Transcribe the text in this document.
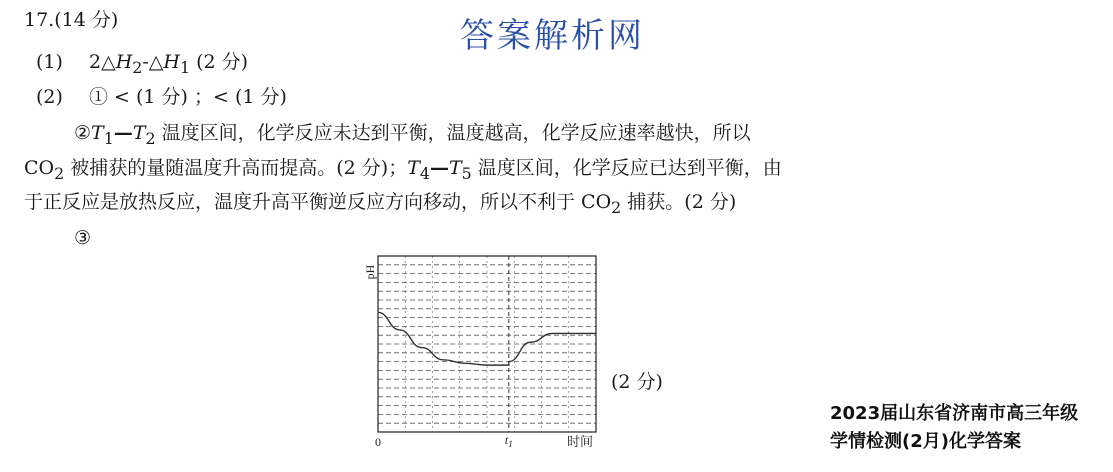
17.(14 分)	答案解析网
(1) $2\triangle H_2-\triangle H_1$ (2 分)
(2) ① < (1 分) ；< (1 分)
$②T_1—T_2$ 温度区间，化学反应未达到平衡，温度越高，化学反应速率越快，所以
$CO_2$ 被捕获的量随温度升高而提高。(2 分)；$T_4—T_5$ 温度区间，化学反应已达到平衡，由
于正反应是放热反应，温度升高平衡逆反应方向移动，所以不利于 $CO_2$ 捕获。(2 分)
③
pH
0	$t_1$	时间
(2 分)
2023届山东省济南市高三年级
学情检测(2月)化学答案
